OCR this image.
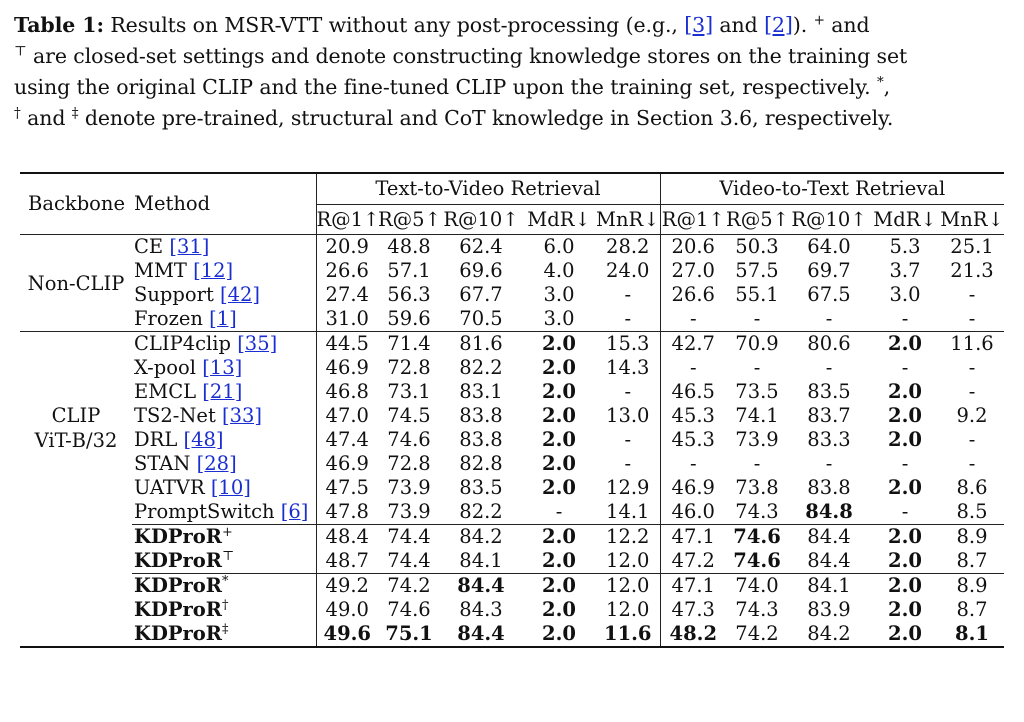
Table 1: Results on MSR-VTT without any post-processing (e.g., [3] and [2]). + and
⊤ are closed-set settings and denote constructing knowledge stores on the training set
using the original CLIP and the fine-tuned CLIP upon the training set, respectively. *,
† and ‡ denote pre-trained, structural and CoT knowledge in Section 3.6, respectively.
Backbone	Method	Text-to-Video Retrieval					Video-to-Text Retrieval				
		R@1↑	R@5↑	R@10↑	MdR↓	MnR↓	R@1↑	R@5↑	R@10↑	MdR↓	MnR↓
Non-CLIP	CE [31]	20.9	48.8	62.4	6.0	28.2	20.6	50.3	64.0	5.3	25.1
	MMT [12]	26.6	57.1	69.6	4.0	24.0	27.0	57.5	69.7	3.7	21.3
	Support [42]	27.4	56.3	67.7	3.0	-	26.6	55.1	67.5	3.0	-
	Frozen [1]	31.0	59.6	70.5	3.0	-	-	-	-	-	-
CLIP
ViT-B/32	CLIP4clip [35]	44.5	71.4	81.6	2.0	15.3	42.7	70.9	80.6	2.0	11.6
	X-pool [13]	46.9	72.8	82.2	2.0	14.3	-	-	-	-	-
	EMCL [21]	46.8	73.1	83.1	2.0	-	46.5	73.5	83.5	2.0	-
	TS2-Net [33]	47.0	74.5	83.8	2.0	13.0	45.3	74.1	83.7	2.0	9.2
	DRL [48]	47.4	74.6	83.8	2.0	-	45.3	73.9	83.3	2.0	-
	STAN [28]	46.9	72.8	82.8	2.0	-	-	-	-	-	-
	UATVR [10]	47.5	73.9	83.5	2.0	12.9	46.9	73.8	83.8	2.0	8.6
	PromptSwitch [6]	47.8	73.9	82.2	-	14.1	46.0	74.3	84.8	-	8.5
	KDProR+	48.4	74.4	84.2	2.0	12.2	47.1	74.6	84.4	2.0	8.9
	KDProR⊤	48.7	74.4	84.1	2.0	12.0	47.2	74.6	84.4	2.0	8.7
	KDProR*	49.2	74.2	84.4	2.0	12.0	47.1	74.0	84.1	2.0	8.9
	KDProR†	49.0	74.6	84.3	2.0	12.0	47.3	74.3	83.9	2.0	8.7
	KDProR‡	49.6	75.1	84.4	2.0	11.6	48.2	74.2	84.2	2.0	8.1
